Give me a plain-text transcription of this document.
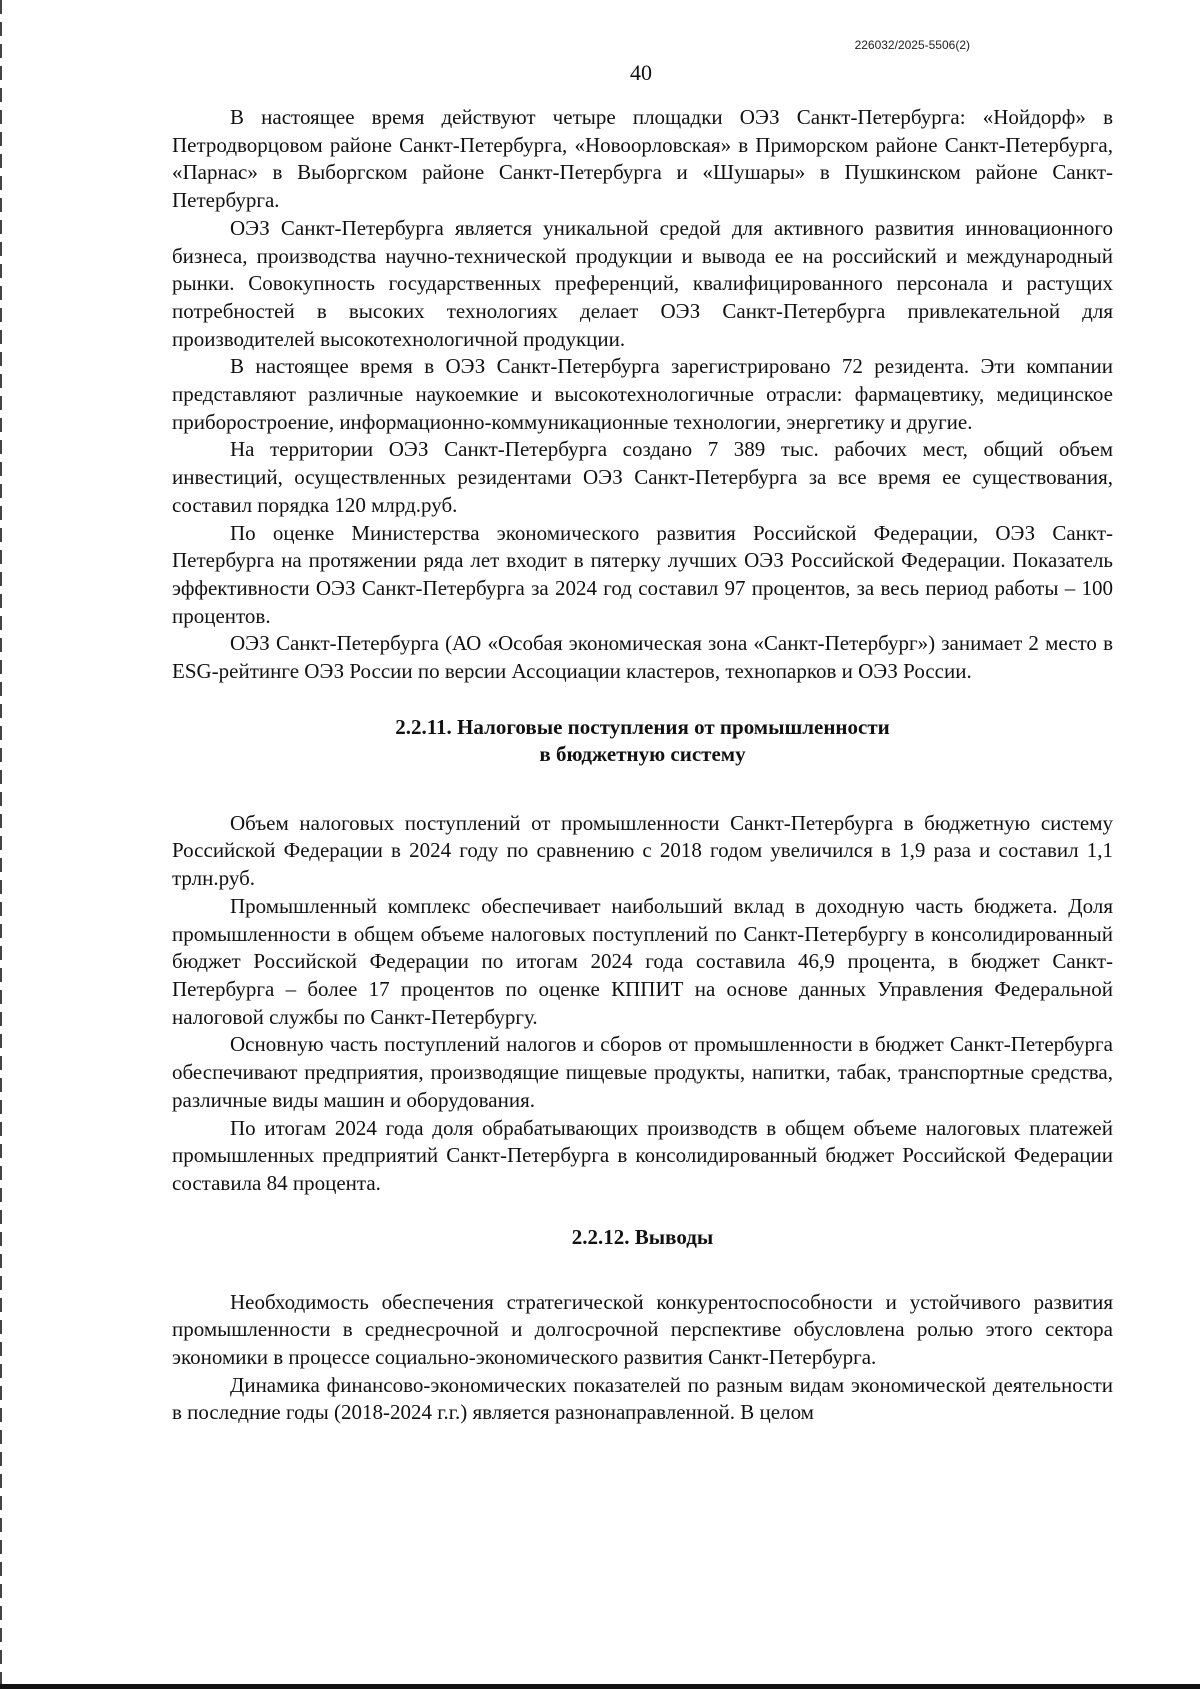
226032/2025-5506(2)
40

В настоящее время действуют четыре площадки ОЭЗ Санкт-Петербурга: «Нойдорф» в Петродворцовом районе Санкт-Петербурга, «Новоорловская» в Приморском районе Санкт-Петербурга, «Парнас» в Выборгском районе Санкт-Петербурга и «Шушары» в Пушкинском районе Санкт-Петербурга.

ОЭЗ Санкт-Петербурга является уникальной средой для активного развития инновационного бизнеса, производства научно-технической продукции и вывода ее на российский и международный рынки. Совокупность государственных преференций, квалифицированного персонала и растущих потребностей в высоких технологиях делает ОЭЗ Санкт-Петербурга привлекательной для производителей высокотехнологичной продукции.

В настоящее время в ОЭЗ Санкт-Петербурга зарегистрировано 72 резидента. Эти компании представляют различные наукоемкие и высокотехнологичные отрасли: фармацевтику, медицинское приборостроение, информационно-коммуникационные технологии, энергетику и другие.

На территории ОЭЗ Санкт-Петербурга создано 7 389 тыс. рабочих мест, общий объем инвестиций, осуществленных резидентами ОЭЗ Санкт-Петербурга за все время ее существования, составил порядка 120 млрд.руб.

По оценке Министерства экономического развития Российской Федерации, ОЭЗ Санкт-Петербурга на протяжении ряда лет входит в пятерку лучших ОЭЗ Российской Федерации. Показатель эффективности ОЭЗ Санкт-Петербурга за 2024 год составил 97 процентов, за весь период работы – 100 процентов.

ОЭЗ Санкт-Петербурга (АО «Особая экономическая зона «Санкт-Петербург») занимает 2 место в ESG-рейтинге ОЭЗ России по версии Ассоциации кластеров, технопарков и ОЭЗ России.

2.2.11. Налоговые поступления от промышленности
в бюджетную систему

Объем налоговых поступлений от промышленности Санкт-Петербурга в бюджетную систему Российской Федерации в 2024 году по сравнению с 2018 годом увеличился в 1,9 раза и составил 1,1 трлн.руб.

Промышленный комплекс обеспечивает наибольший вклад в доходную часть бюджета. Доля промышленности в общем объеме налоговых поступлений по Санкт-Петербургу в консолидированный бюджет Российской Федерации по итогам 2024 года составила 46,9 процента, в бюджет Санкт-Петербурга – более 17 процентов по оценке КППИТ на основе данных Управления Федеральной налоговой службы по Санкт-Петербургу.

Основную часть поступлений налогов и сборов от промышленности в бюджет Санкт-Петербурга обеспечивают предприятия, производящие пищевые продукты, напитки, табак, транспортные средства, различные виды машин и оборудования.

По итогам 2024 года доля обрабатывающих производств в общем объеме налоговых платежей промышленных предприятий Санкт-Петербурга в консолидированный бюджет Российской Федерации составила 84 процента.

2.2.12. Выводы

Необходимость обеспечения стратегической конкурентоспособности и устойчивого развития промышленности в среднесрочной и долгосрочной перспективе обусловлена ролью этого сектора экономики в процессе социально-экономического развития Санкт-Петербурга.

Динамика финансово-экономических показателей по разным видам экономической деятельности в последние годы (2018-2024 г.г.) является разнонаправленной. В целом
